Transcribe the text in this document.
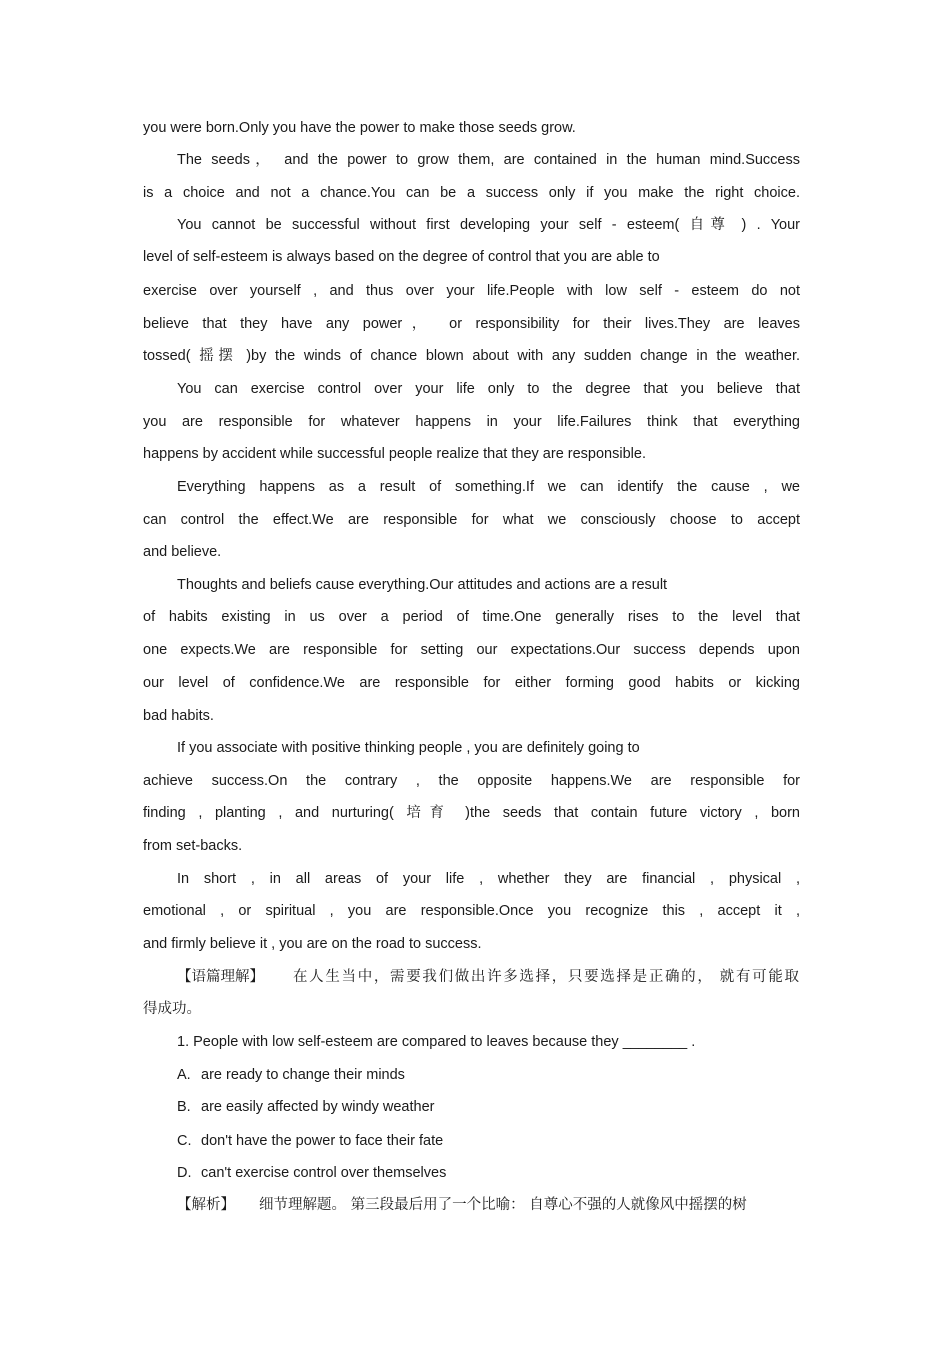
you were born.Only you have the power to make those seeds grow.
The seeds， and the power to grow them, are contained in the human mind.Success
is a choice and not a chance.You can be a success only if you make the right choice.
You cannot be successful without first developing your self - esteem( 自尊 ) . Your
level of self-esteem is always based on the degree of control that you are able to
exercise over yourself , and thus over your life.People with low self - esteem do not
believe that they have any power， or responsibility for their lives.They are leaves
tossed( 摇摆 )by the winds of chance blown about with any sudden change in the weather.
You can exercise control over your life only to the degree that you believe that
you are responsible for whatever happens in your life.Failures think that everything
happens by accident while successful people realize that they are responsible.
Everything happens as a result of something.If we can identify the cause , we
can control the effect.We are responsible for what we consciously choose to accept
and believe.
Thoughts and beliefs cause everything.Our attitudes and actions are a result
of habits existing in us over a period of time.One generally rises to the level that
one expects.We are responsible for setting our expectations.Our success depends upon
our level of confidence.We are responsible for either forming good habits or kicking
bad habits.
If you associate with positive thinking people , you are definitely going to
achieve success.On the contrary , the opposite happens.We are responsible for
finding , planting , and nurturing( 培育 )the seeds that contain future victory , born
from set-backs.
In short , in all areas of your life , whether they are financial , physical ,
emotional , or spiritual , you are responsible.Once you recognize this , accept it ,
and firmly believe it , you are on the road to success.
【语篇理解】 在人生当中，需要我们做出许多选择，只要选择是正确的， 就有可能取
得成功。
1. People with low self-esteem are compared to leaves because they ________ .
A. are ready to change their minds
B. are easily affected by windy weather
C. don't have the power to face their fate
D. can't exercise control over themselves
【解析】 细节理解题。 第三段最后用了一个比喻： 自尊心不强的人就像风中摇摆的树
